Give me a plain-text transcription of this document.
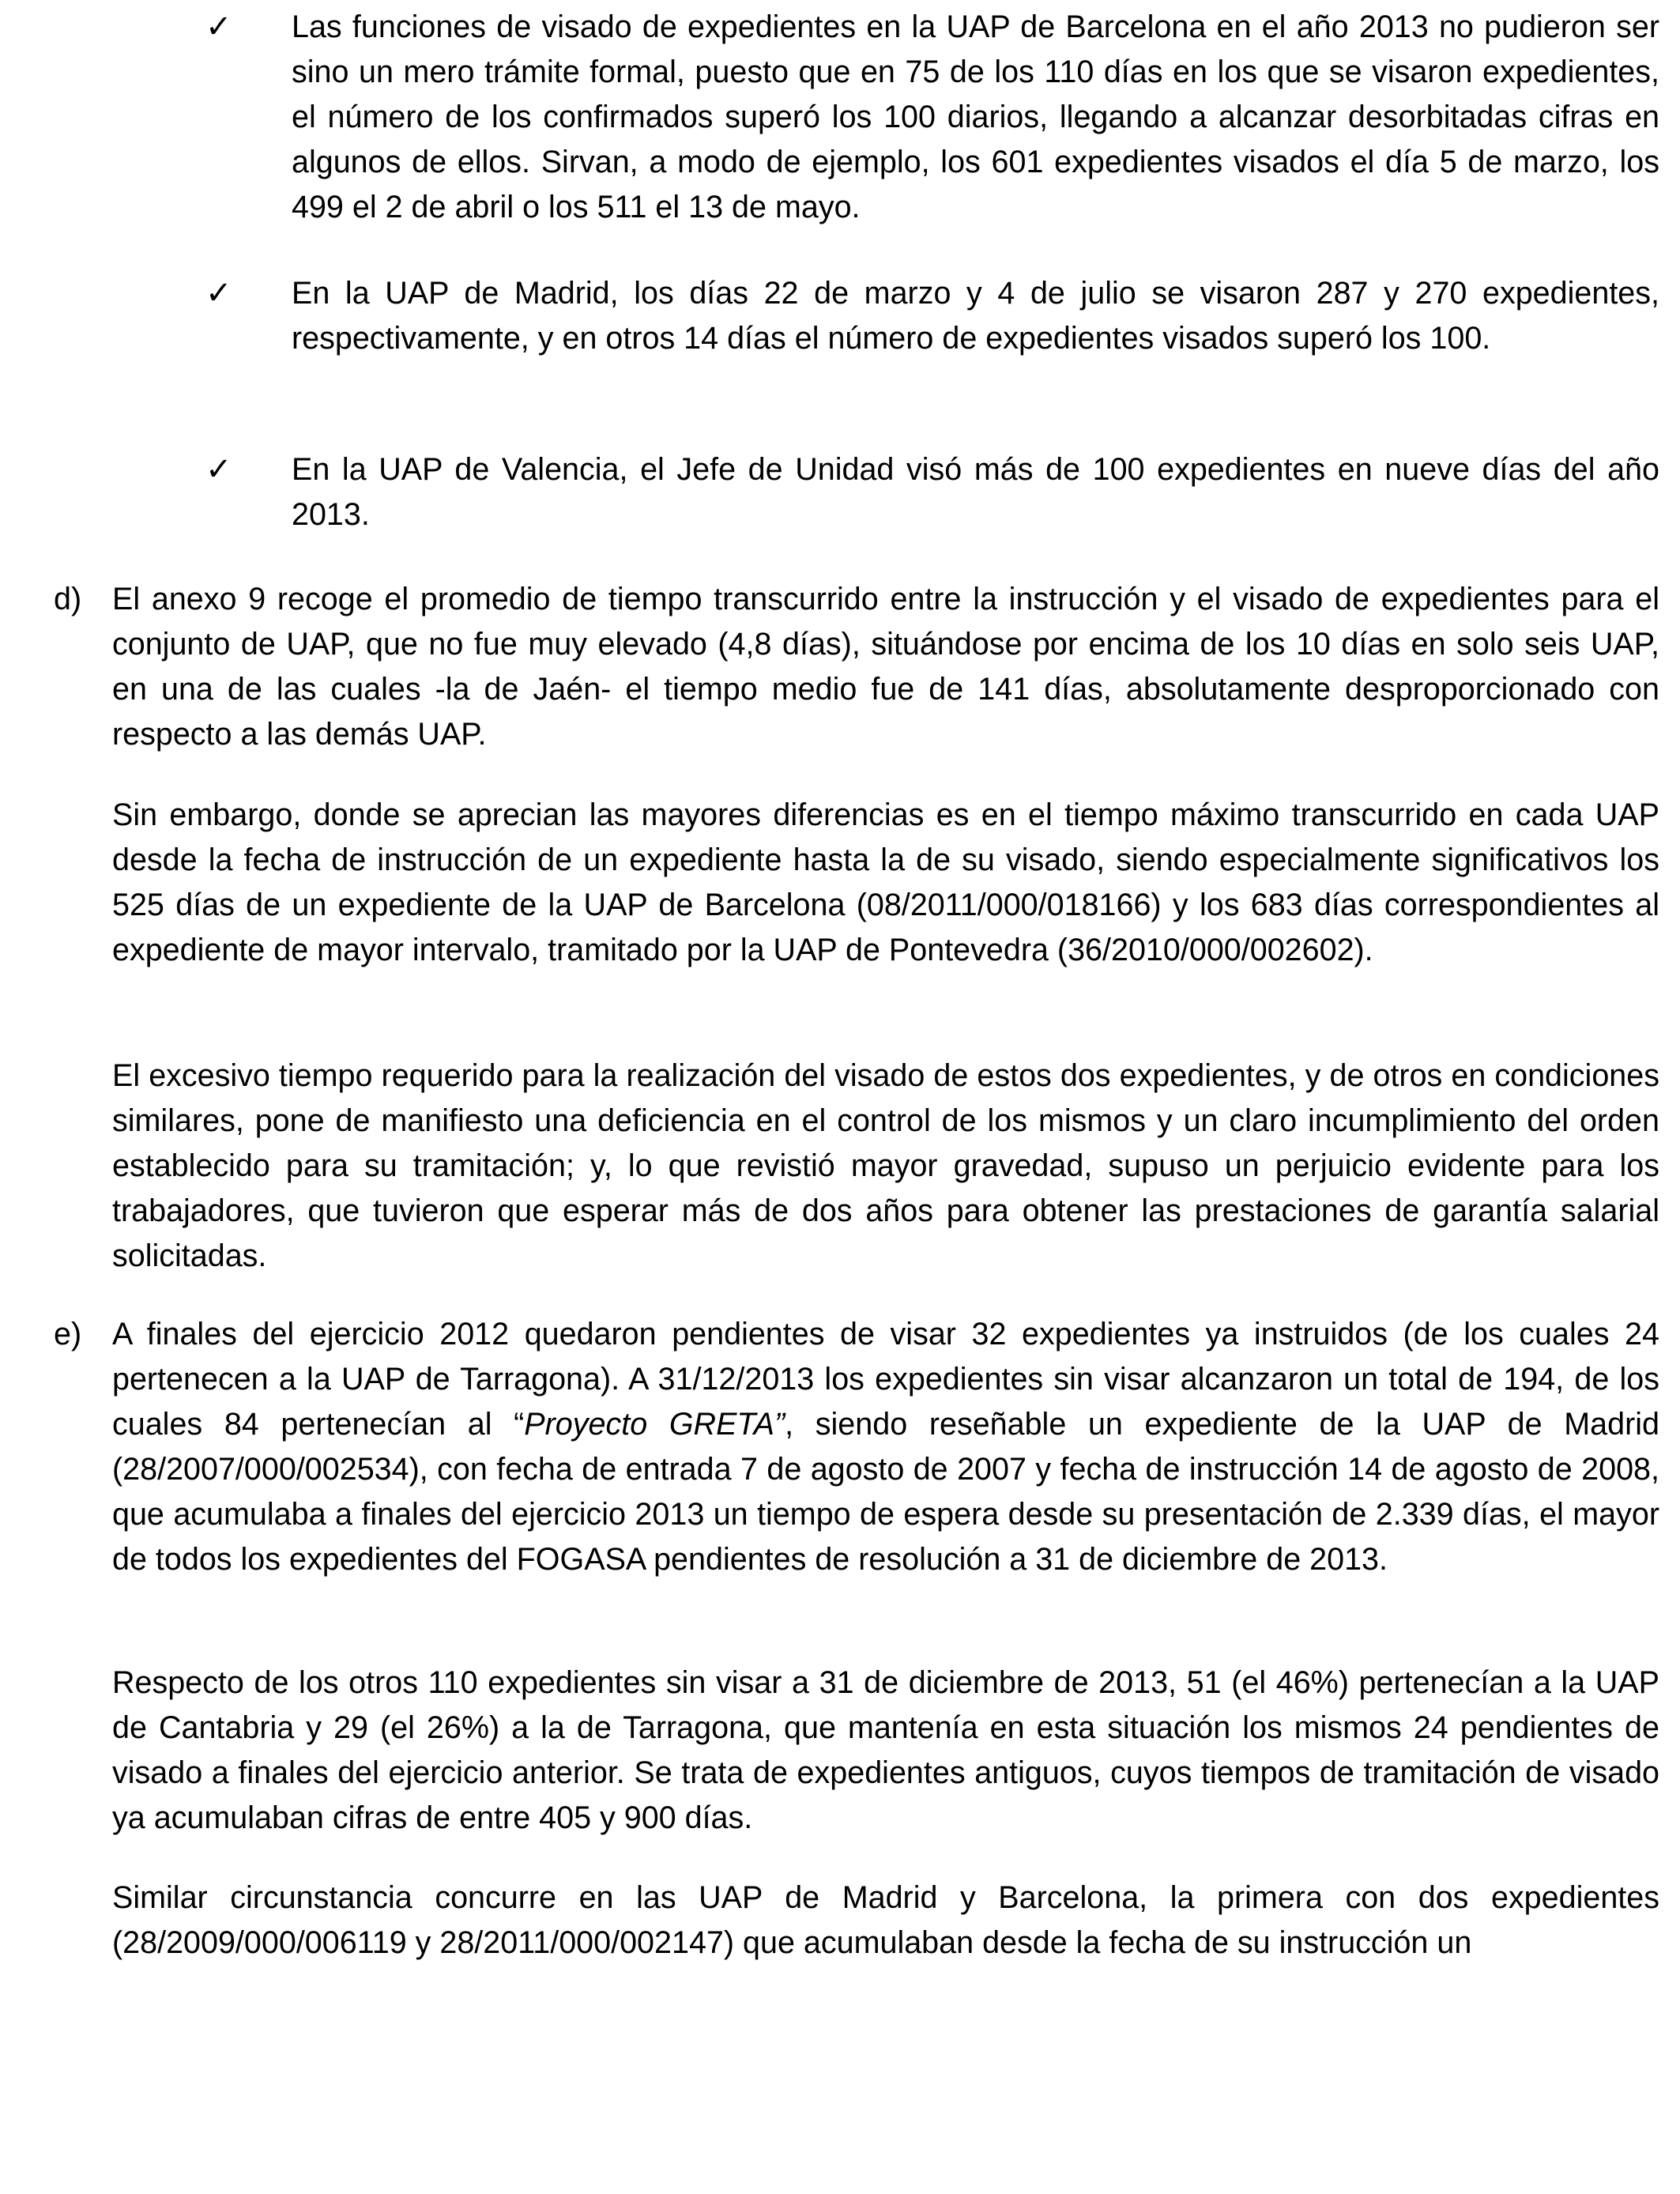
✓ Las funciones de visado de expedientes en la UAP de Barcelona en el año 2013 no pudieron ser sino un mero trámite formal, puesto que en 75 de los 110 días en los que se visaron expedientes, el número de los confirmados superó los 100 diarios, llegando a alcanzar desorbitadas cifras en algunos de ellos. Sirvan, a modo de ejemplo, los 601 expedientes visados el día 5 de marzo, los 499 el 2 de abril o los 511 el 13 de mayo.

✓ En la UAP de Madrid, los días 22 de marzo y 4 de julio se visaron 287 y 270 expedientes, respectivamente, y en otros 14 días el número de expedientes visados superó los 100.

✓ En la UAP de Valencia, el Jefe de Unidad visó más de 100 expedientes en nueve días del año 2013.

d) El anexo 9 recoge el promedio de tiempo transcurrido entre la instrucción y el visado de expedientes para el conjunto de UAP, que no fue muy elevado (4,8 días), situándose por encima de los 10 días en solo seis UAP, en una de las cuales -la de Jaén- el tiempo medio fue de 141 días, absolutamente desproporcionado con respecto a las demás UAP.

Sin embargo, donde se aprecian las mayores diferencias es en el tiempo máximo transcurrido en cada UAP desde la fecha de instrucción de un expediente hasta la de su visado, siendo especialmente significativos los 525 días de un expediente de la UAP de Barcelona (08/2011/000/018166) y los 683 días correspondientes al expediente de mayor intervalo, tramitado por la UAP de Pontevedra (36/2010/000/002602).

El excesivo tiempo requerido para la realización del visado de estos dos expedientes, y de otros en condiciones similares, pone de manifiesto una deficiencia en el control de los mismos y un claro incumplimiento del orden establecido para su tramitación; y, lo que revistió mayor gravedad, supuso un perjuicio evidente para los trabajadores, que tuvieron que esperar más de dos años para obtener las prestaciones de garantía salarial solicitadas.

e) A finales del ejercicio 2012 quedaron pendientes de visar 32 expedientes ya instruidos (de los cuales 24 pertenecen a la UAP de Tarragona). A 31/12/2013 los expedientes sin visar alcanzaron un total de 194, de los cuales 84 pertenecían al “Proyecto GRETA”, siendo reseñable un expediente de la UAP de Madrid (28/2007/000/002534), con fecha de entrada 7 de agosto de 2007 y fecha de instrucción 14 de agosto de 2008, que acumulaba a finales del ejercicio 2013 un tiempo de espera desde su presentación de 2.339 días, el mayor de todos los expedientes del FOGASA pendientes de resolución a 31 de diciembre de 2013.

Respecto de los otros 110 expedientes sin visar a 31 de diciembre de 2013, 51 (el 46%) pertenecían a la UAP de Cantabria y 29 (el 26%) a la de Tarragona, que mantenía en esta situación los mismos 24 pendientes de visado a finales del ejercicio anterior. Se trata de expedientes antiguos, cuyos tiempos de tramitación de visado ya acumulaban cifras de entre 405 y 900 días.

Similar circunstancia concurre en las UAP de Madrid y Barcelona, la primera con dos expedientes (28/2009/000/006119 y 28/2011/000/002147) que acumulaban desde la fecha de su instrucción un
